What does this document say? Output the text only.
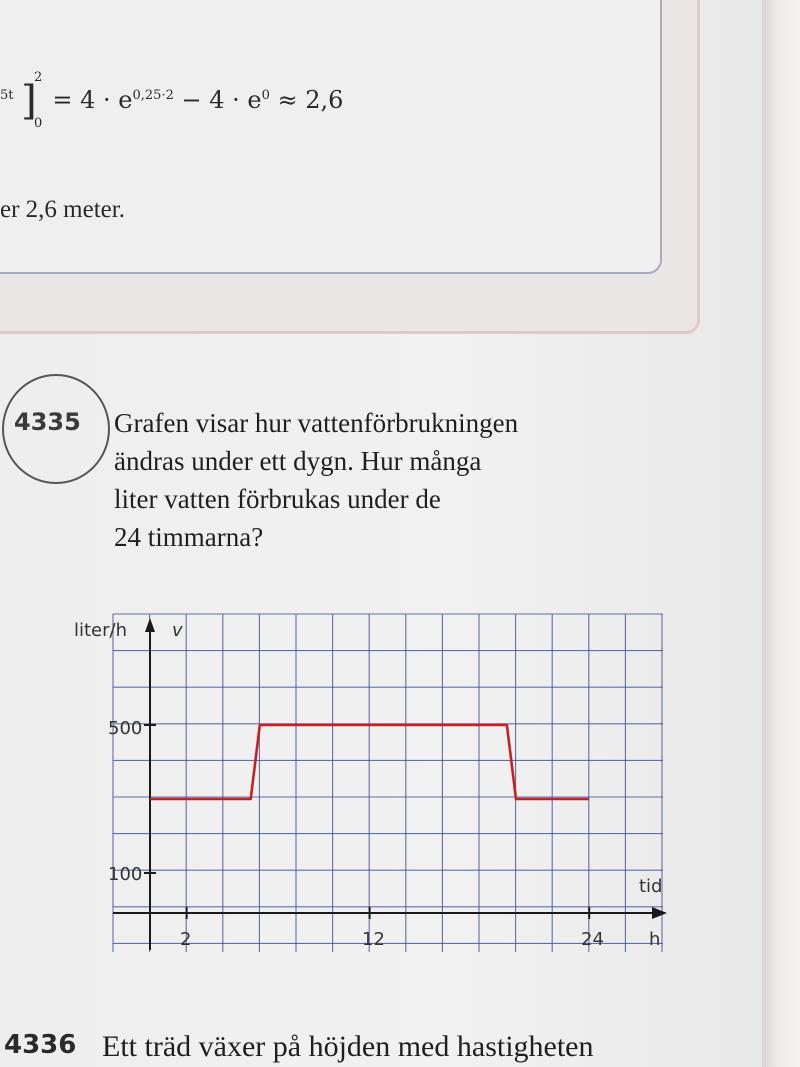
$^{5t}$ ]
2
0
= $4 \cdot e^{0,25\cdot 2} - 4 \cdot e^0 \approx 2,6$
er 2,6 meter.
4335 Grafen visar hur vattenförbrukningen
ändras under ett dygn. Hur många
liter vatten förbrukas under de
24 timmarna?
liter/h v
tid
h
500
100
2	12	24
4336 Ett träd växer på höjden med hastigheten
